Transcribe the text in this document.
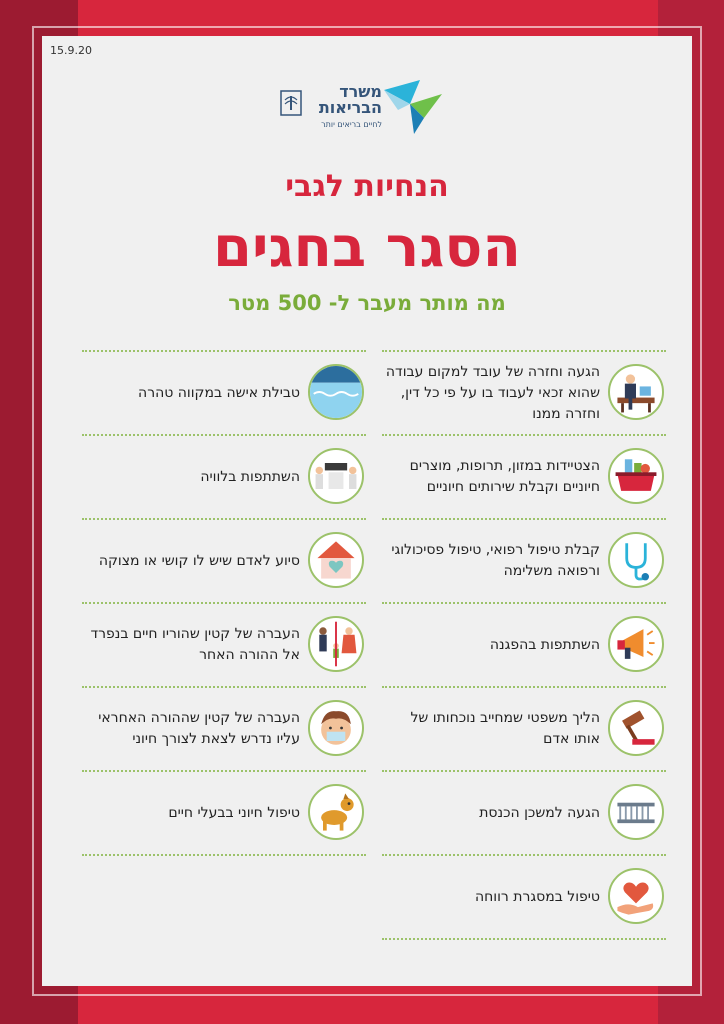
15.9.20
משרד
הבריאות
לחיים בריאים יותר
הנחיות לגבי
הסגר בחגים
מה מותר מעבר ל- 500 מטר
הגעה וחזרה של עובד למקום עבודה שהוא זכאי לעבוד בו על פי כל דין, וחזרה ממנו
הצטיידות במזון, תרופות, מוצרים חיוניים וקבלת שירותים חיוניים
קבלת טיפול רפואי, טיפול פסיכולוגי ורפואה משלימה
השתתפות בהפגנה
הליך משפטי שמחייב נוכחותו של אותו אדם
הגעה למשכן הכנסת
טיפול במסגרת רווחה
טבילת אישה במקווה טהרה
השתתפות בלוויה
סיוע לאדם שיש לו קושי או מצוקה
העברה של קטין שהוריו חיים בנפרד אל ההורה האחר
העברה של קטין שההורה האחראי עליו נדרש לצאת לצורך חיוני
טיפול חיוני בבעלי חיים
